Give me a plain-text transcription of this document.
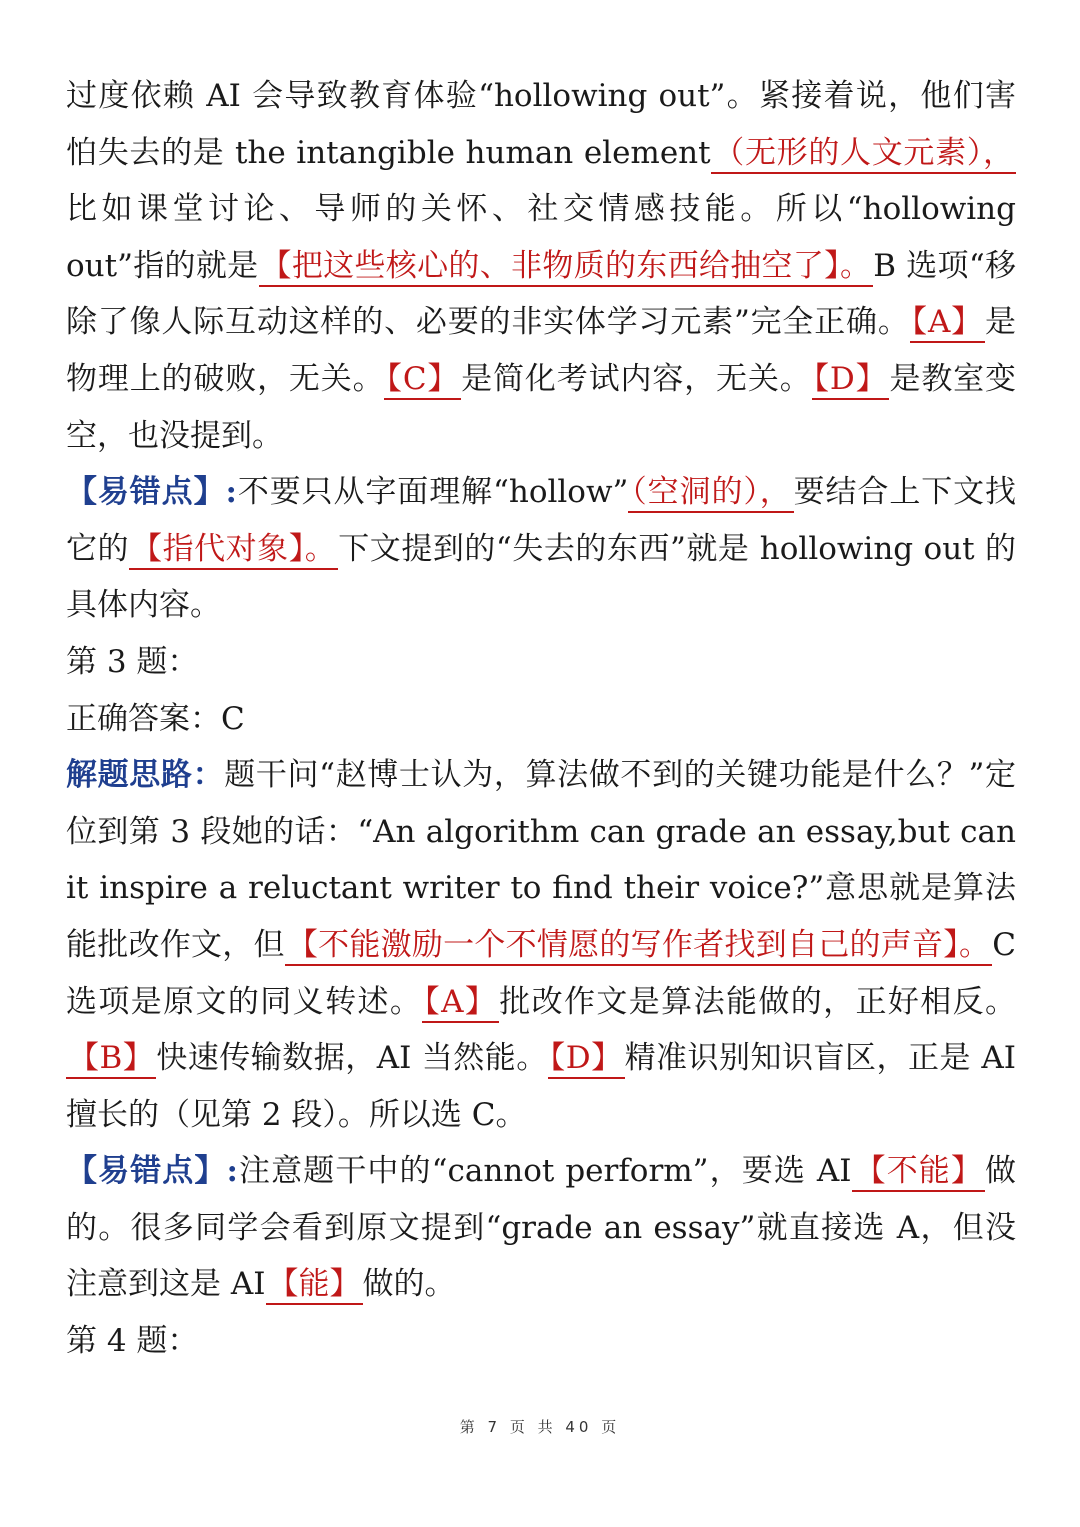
过度依赖 AI 会导致教育体验“hollowing out”。紧接着说，他们害怕失去的是 the intangible human element（无形的人文元素），比如课堂讨论、导师的关怀、社交情感技能。所以“hollowing out”指的就是【把这些核心的、非物质的东西给抽空了】。B 选项“移除了像人际互动这样的、必要的非实体学习元素”完全正确。【A】是物理上的破败，无关。【C】是简化考试内容，无关。【D】是教室变空，也没提到。

【易错点】:不要只从字面理解“hollow”（空洞的），要结合上下文找它的【指代对象】。下文提到的“失去的东西”就是 hollowing out 的具体内容。

第 3 题：

正确答案：C

解题思路：题干问“赵博士认为，算法做不到的关键功能是什么？”定位到第 3 段她的话：“An algorithm can grade an essay,but can it inspire a reluctant writer to find their voice?”意思就是算法能批改作文，但【不能激励一个不情愿的写作者找到自己的声音】。C 选项是原文的同义转述。【A】批改作文是算法能做的，正好相反。【B】快速传输数据，AI 当然能。【D】精准识别知识盲区，正是 AI 擅长的（见第 2 段）。所以选 C。

【易错点】:注意题干中的“cannot perform”，要选 AI【不能】做的。很多同学会看到原文提到“grade an essay”就直接选 A，但没注意到这是 AI【能】做的。

第 4 题：

第 7 页 共 40 页
